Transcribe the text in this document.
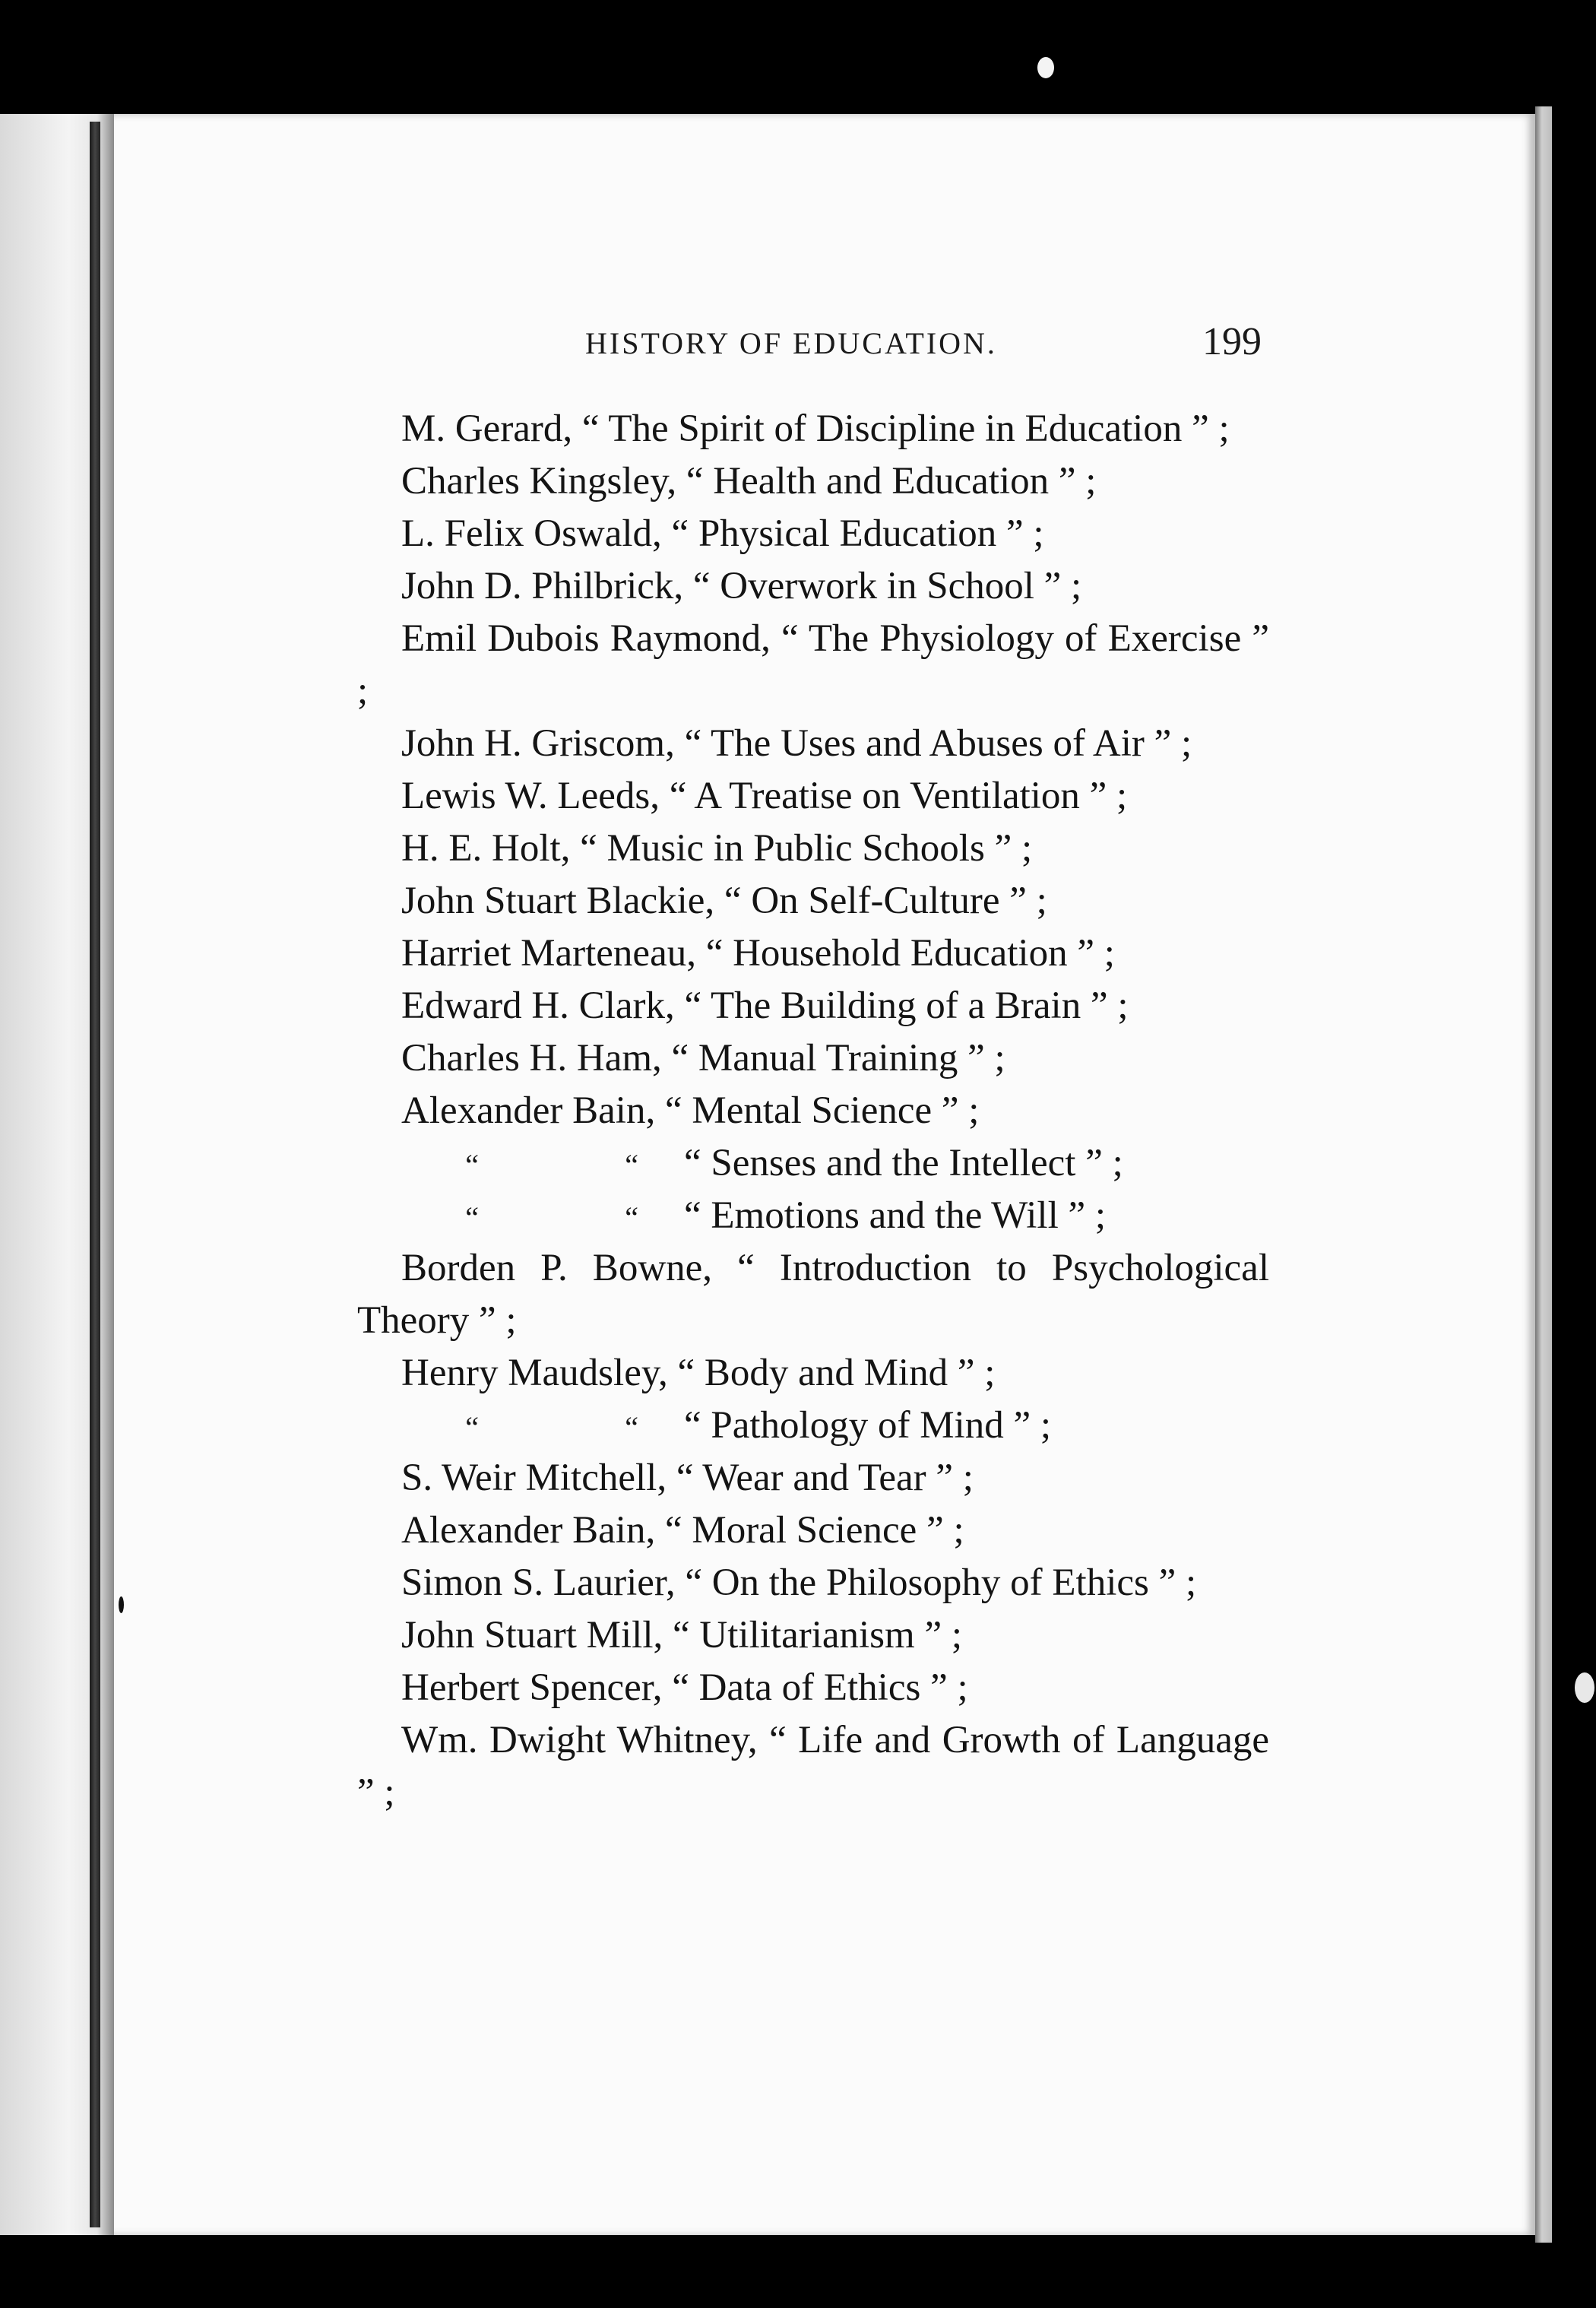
HISTORY OF EDUCATION.	199

M. Gerard, “ The Spirit of Discipline in Education ” ;

Charles Kingsley, “ Health and Education ” ;

L. Felix Oswald, “ Physical Education ” ;

John D. Philbrick, “ Overwork in School ” ;

Emil Dubois Raymond, “ The Physiology of Exercise ” ;

John H. Griscom, “ The Uses and Abuses of Air ” ;

Lewis W. Leeds, “ A Treatise on Ventilation ” ;

H. E. Holt, “ Music in Public Schools ” ;

John Stuart Blackie, “ On Self-Culture ” ;

Harriet Marteneau, “ Household Education ” ;

Edward H. Clark, “ The Building of a Brain ” ;

Charles H. Ham, “ Manual Training ” ;

Alexander Bain, “ Mental Science ” ;

“	“ “ Senses and the Intellect ” ;
“	“ “ Emotions and the Will ” ;

Borden P. Bowne, “ Introduction to Psychological Theory ” ;

Henry Maudsley, “ Body and Mind ” ;

“	“ “ Pathology of Mind ” ;

S. Weir Mitchell, “ Wear and Tear ” ;

Alexander Bain, “ Moral Science ” ;

Simon S. Laurier, “ On the Philosophy of Ethics ” ;

John Stuart Mill, “ Utilitarianism ” ;

Herbert Spencer, “ Data of Ethics ” ;

Wm. Dwight Whitney, “ Life and Growth of Language ” ;
